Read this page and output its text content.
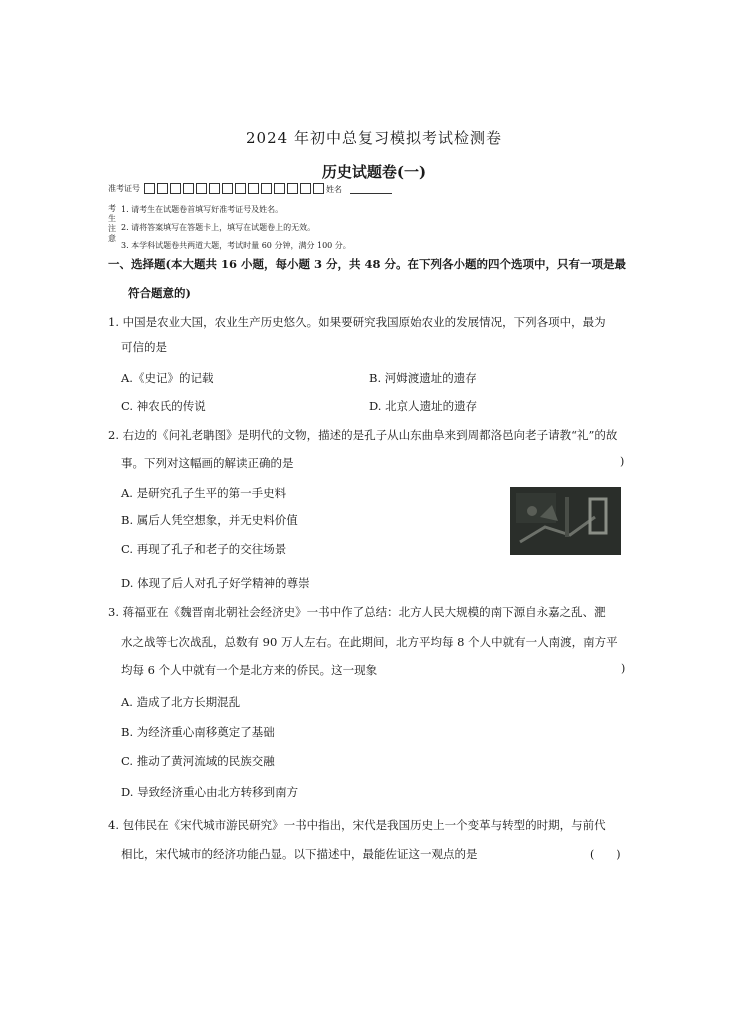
2024 年初中总复习模拟考试检测卷
历史试题卷(一)
准考证号	姓名
考生注意
1. 请考生在试题卷首填写好准考证号及姓名。
2. 请将答案填写在答题卡上，填写在试题卷上的无效。
3. 本学科试题卷共两道大题，考试时量 60 分钟，满分 100 分。
一、选择题(本大题共 16 小题，每小题 3 分，共 48 分。在下列各小题的四个选项中，只有一项是最
符合题意的)
1. 中国是农业大国，农业生产历史悠久。如果要研究我国原始农业的发展情况，下列各项中，最为
可信的是
A.《史记》的记载	B. 河姆渡遗址的遗存
C. 神农氏的传说	D. 北京人遗址的遗存
2. 右边的《问礼老聃图》是明代的文物，描述的是孔子从山东曲阜来到周都洛邑向老子请教“礼”的故
事。下列对这幅画的解读正确的是	)
A. 是研究孔子生平的第一手史料
B. 属后人凭空想象，并无史料价值
C. 再现了孔子和老子的交往场景
D. 体现了后人对孔子好学精神的尊崇
3. 蒋福亚在《魏晋南北朝社会经济史》一书中作了总结：北方人民大规模的南下源自永嘉之乱、淝
水之战等七次战乱，总数有 90 万人左右。在此期间，北方平均每 8 个人中就有一人南渡，南方平
均每 6 个人中就有一个是北方来的侨民。这一现象	)
A. 造成了北方长期混乱
B. 为经济重心南移奠定了基础
C. 推动了黄河流域的民族交融
D. 导致经济重心由北方转移到南方
4. 包伟民在《宋代城市游民研究》一书中指出，宋代是我国历史上一个变革与转型的时期，与前代
相比，宋代城市的经济功能凸显。以下描述中，最能佐证这一观点的是	(　　)
